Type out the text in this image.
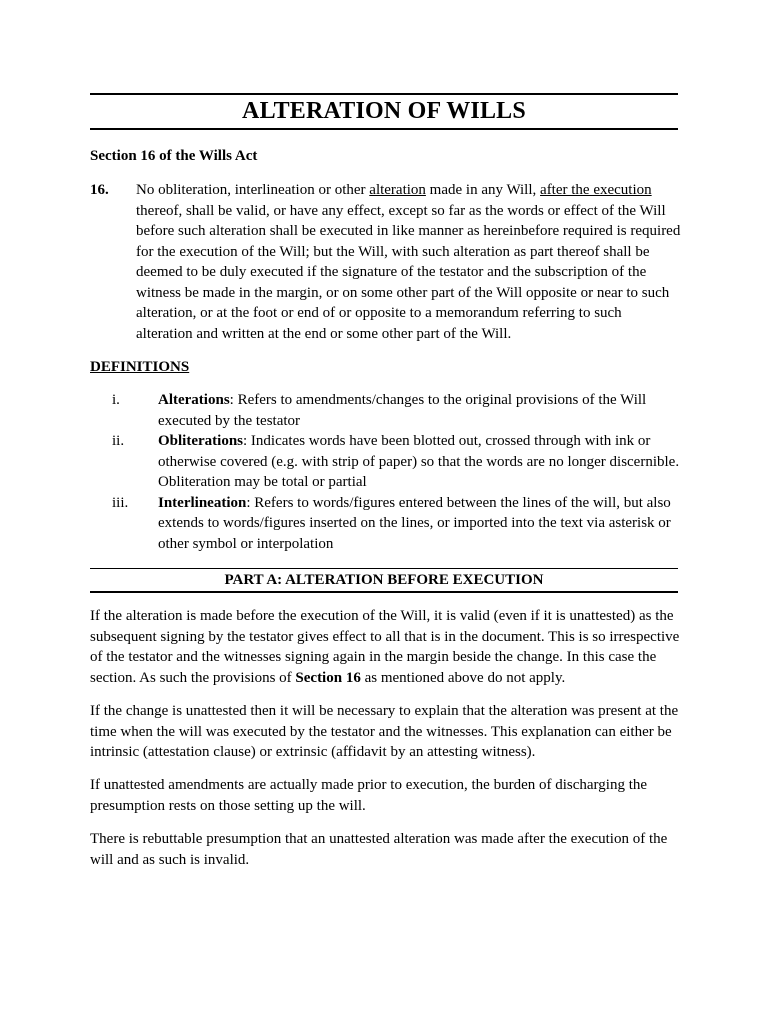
ALTERATION OF WILLS
Section 16 of the Wills Act
16. No obliteration, interlineation or other alteration made in any Will, after the execution thereof, shall be valid, or have any effect, except so far as the words or effect of the Will before such alteration shall be executed in like manner as hereinbefore required is required for the execution of the Will; but the Will, with such alteration as part thereof shall be deemed to be duly executed if the signature of the testator and the subscription of the witness be made in the margin, or on some other part of the Will opposite or near to such alteration, or at the foot or end of or opposite to a memorandum referring to such alteration and written at the end or some other part of the Will.
DEFINITIONS
i.	Alterations: Refers to amendments/changes to the original provisions of the Will executed by the testator
ii. Obliterations: Indicates words have been blotted out, crossed through with ink or otherwise covered (e.g. with strip of paper) so that the words are no longer discernible. Obliteration may be total or partial
iii. Interlineation: Refers to words/figures entered between the lines of the will, but also extends to words/figures inserted on the lines, or imported into the text via asterisk or other symbol or interpolation
PART A: ALTERATION BEFORE EXECUTION

If the alteration is made before the execution of the Will, it is valid (even if it is unattested) as the subsequent signing by the testator gives effect to all that is in the document. This is so irrespective of the testator and the witnesses signing again in the margin beside the change. In this case the section. As such the provisions of Section 16 as mentioned above do not apply.

If the change is unattested then it will be necessary to explain that the alteration was present at the time when the will was executed by the testator and the witnesses. This explanation can either be intrinsic (attestation clause) or extrinsic (affidavit by an attesting witness).

If unattested amendments are actually made prior to execution, the burden of discharging the presumption rests on those setting up the will.

There is rebuttable presumption that an unattested alteration was made after the execution of the will and as such is invalid.
